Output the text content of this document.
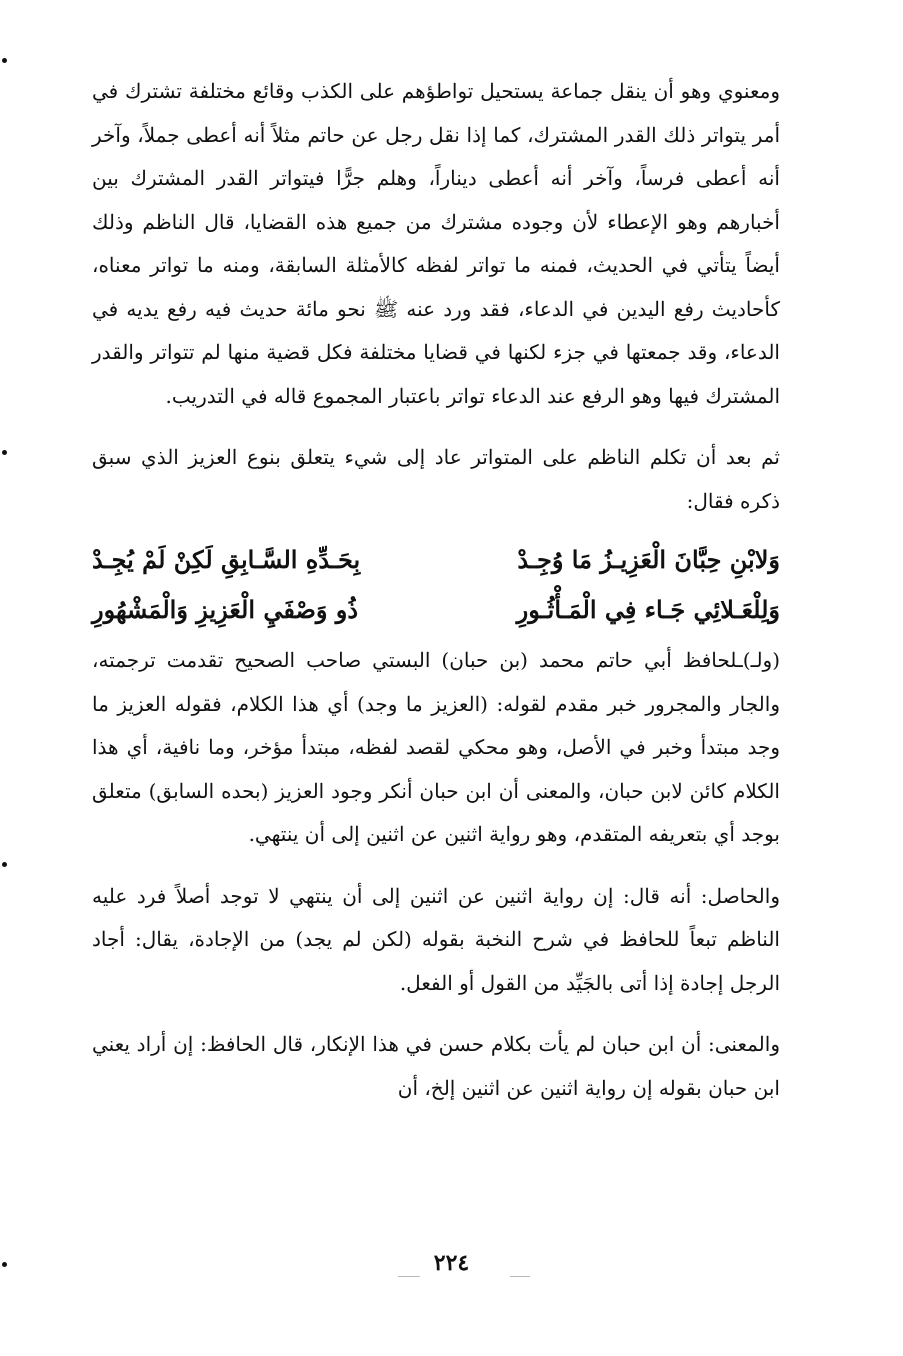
ومعنوي وهو أن ينقل جماعة يستحيل تواطؤهم على الكذب وقائع مختلفة تشترك في أمر يتواتر ذلك القدر المشترك، كما إذا نقل رجل عن حاتم مثلاً أنه أعطى جملاً، وآخر أنه أعطى فرساً، وآخر أنه أعطى ديناراً، وهلم جرًّا فيتواتر القدر المشترك بين أخبارهم وهو الإعطاء لأن وجوده مشترك من جميع هذه القضايا، قال الناظم وذلك أيضاً يتأتي في الحديث، فمنه ما تواتر لفظه كالأمثلة السابقة، ومنه ما تواتر معناه، كأحاديث رفع اليدين في الدعاء، فقد ورد عنه ﷺ نحو مائة حديث فيه رفع يديه في الدعاء، وقد جمعتها في جزء لكنها في قضايا مختلفة فكل قضية منها لم تتواتر والقدر المشترك فيها وهو الرفع عند الدعاء تواتر باعتبار المجموع قاله في التدريب.

ثم بعد أن تكلم الناظم على المتواتر عاد إلى شيء يتعلق بنوع العزيز الذي سبق ذكره فقال:

وَلابْنِ حِبَّانَ الْعَزِيـزُ مَا وُجِـدْ
بِحَـدِّهِ السَّـابِقِ لَكِنْ لَمْ يُجِـدْ
وَلِلْعَـلائِي جَـاء فِي الْمَـأْثُـورِ
ذُو وَصْفَيِ الْعَزِيزِ وَالْمَشْهُورِ

(ولـ)ـلحافظ أبي حاتم محمد (بن حبان) البستي صاحب الصحيح تقدمت ترجمته، والجار والمجرور خبر مقدم لقوله: (العزيز ما وجد) أي هذا الكلام، فقوله العزيز ما وجد مبتدأ وخبر في الأصل، وهو محكي لقصد لفظه، مبتدأ مؤخر، وما نافية، أي هذا الكلام كائن لابن حبان، والمعنى أن ابن حبان أنكر وجود العزيز (بحده السابق) متعلق بوجد أي بتعريفه المتقدم، وهو رواية اثنين عن اثنين إلى أن ينتهي.

والحاصل: أنه قال: إن رواية اثنين عن اثنين إلى أن ينتهي لا توجد أصلاً فرد عليه الناظم تبعاً للحافظ في شرح النخبة بقوله (لكن لم يجد) من الإجادة، يقال: أجاد الرجل إجادة إذا أتى بالجَيِّد من القول أو الفعل.

والمعنى: أن ابن حبان لم يأت بكلام حسن في هذا الإنكار، قال الحافظ: إن أراد يعني ابن حبان بقوله إن رواية اثنين عن اثنين إلخ، أن

٢٢٤
